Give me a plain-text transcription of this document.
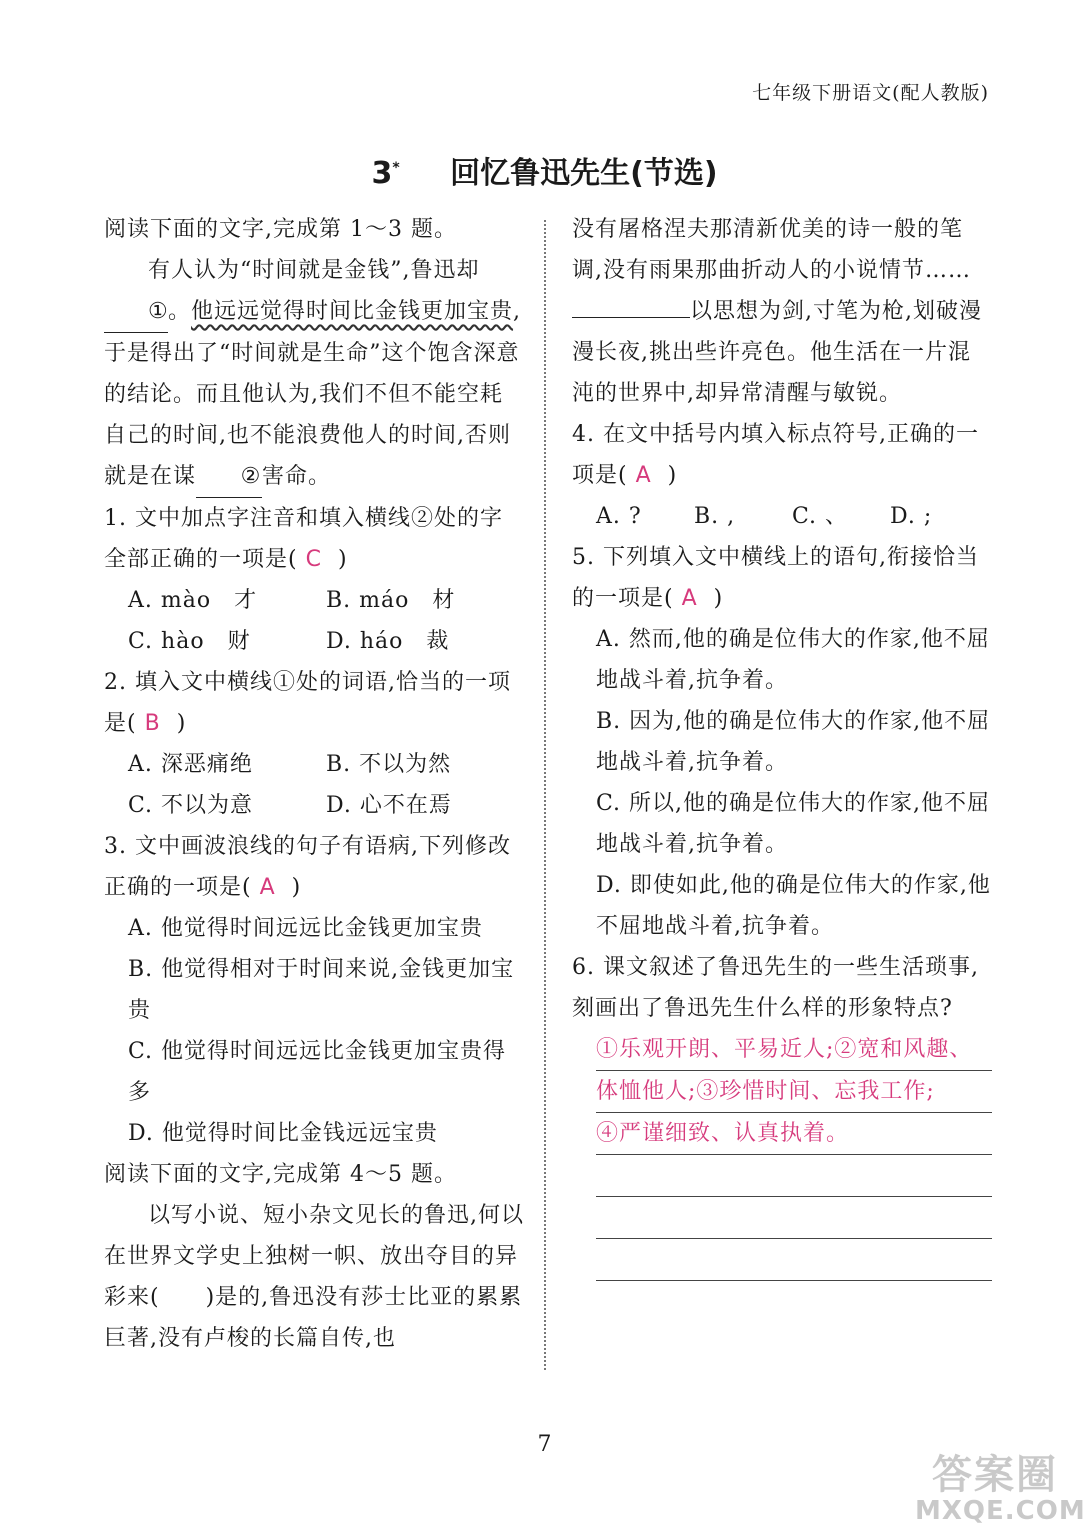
七年级下册语文(配人教版)
3* 回忆鲁迅先生(节选)

阅读下面的文字,完成第 1～3 题。

有人认为“时间就是金钱”,鲁迅却
①。他远远觉得时间比金钱更加宝贵,于是得出了“时间就是生命”这个饱含深意的结论。而且他认为,我们不但不能空耗自己的时间,也不能浪费他人的时间,否则就是在谋 ②害命。

1. 文中加点字注音和填入横线②处的字全部正确的一项是( C )

A. mào　才	B. máo　材
C. hào　财	D. háo　裁

2. 填入文中横线①处的词语,恰当的一项是( B )

A. 深恶痛绝	B. 不以为然
C. 不以为意	D. 心不在焉

3. 文中画波浪线的句子有语病,下列修改正确的一项是( A )

A. 他觉得时间远远比金钱更加宝贵

B. 他觉得相对于时间来说,金钱更加宝贵

C. 他觉得时间远远比金钱更加宝贵得多

D. 他觉得时间比金钱远远宝贵

阅读下面的文字,完成第 4～5 题。

以写小说、短小杂文见长的鲁迅,何以在世界文学史上独树一帜、放出夺目的异彩来(　　)是的,鲁迅没有莎士比亚的累累巨著,没有卢梭的长篇自传,也

没有屠格涅夫那清新优美的诗一般的笔调,没有雨果那曲折动人的小说情节……以思想为剑,寸笔为枪,划破漫漫长夜,挑出些许亮色。他生活在一片混沌的世界中,却异常清醒与敏锐。

4. 在文中括号内填入标点符号,正确的一项是( A )

A. ?	B. ,	C. 、	D. ;

5. 下列填入文中横线上的语句,衔接恰当的一项是( A )

A. 然而,他的确是位伟大的作家,他不屈地战斗着,抗争着。

B. 因为,他的确是位伟大的作家,他不屈地战斗着,抗争着。

C. 所以,他的确是位伟大的作家,他不屈地战斗着,抗争着。

D. 即使如此,他的确是位伟大的作家,他不屈地战斗着,抗争着。

6. 课文叙述了鲁迅先生的一些生活琐事,刻画出了鲁迅先生什么样的形象特点?

①乐观开朗、平易近人;②宽和风趣、
体恤他人;③珍惜时间、忘我工作;
④严谨细致、认真执着。
7
答案圈
MXQE.COM
